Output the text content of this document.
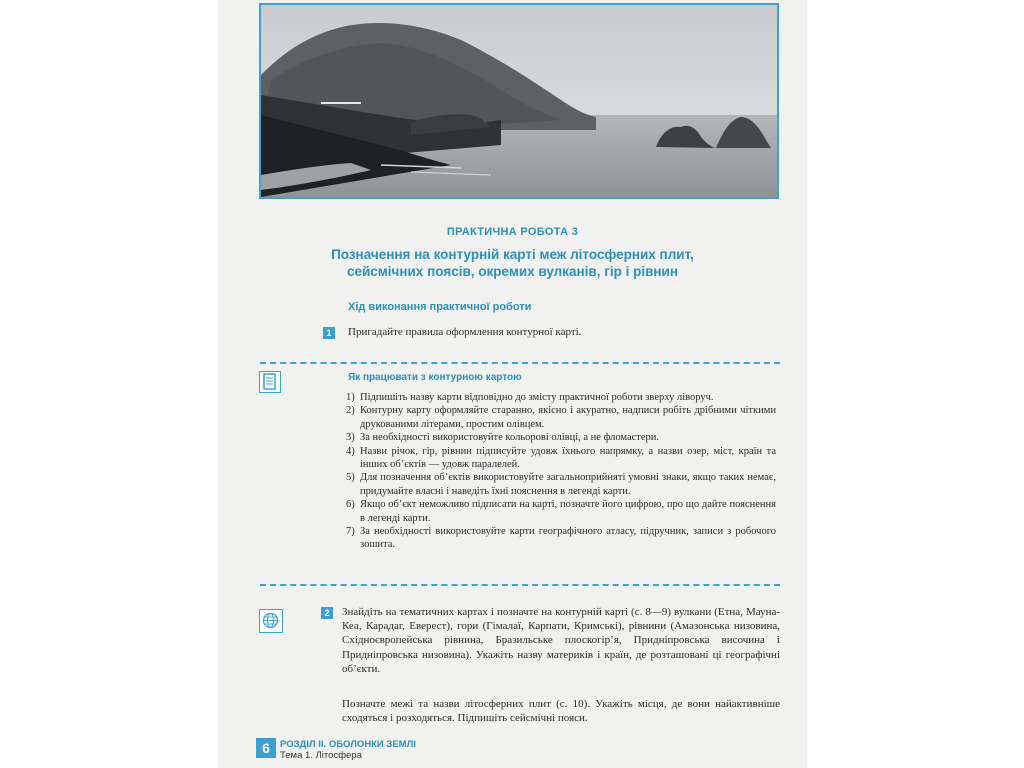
ПРАКТИЧНА РОБОТА 3
Позначення на контурній карті меж літосферних плит,
сейсмічних поясів, окремих вулканів, гір і рівнин
Хід виконання практичної роботи
1	Пригадайте правила оформлення контурної карті.
Як працювати з контурною картою
1) Підпишіть назву карти відповідно до змісту практичної роботи зверху ліворуч.
2) Контурну карту оформляйте старанно, якісно і акуратно, надписи робіть дрібними чіткими друкованими літерами, простим олівцем.
3) За необхідності використовуйте кольорові олівці, а не фломастери.
4) Назви річок, гір, рівнин підписуйте удовж їхнього напрямку, а назви озер, міст, країн та інших об’єктів — удовж паралелей.
5) Для позначення об’єктів використовуйте загальноприйняті умовні знаки, якщо таких немає, придумайте власні і наведіть їхні пояснення в легенді карти.
6) Якщо об’єкт неможливо підписати на карті, позначте його цифрою, про що дайте пояснення в легенді карти.
7) За необхідності використовуйте карти географічного атласу, підручник, записи з робочого зошита.
2	Знайдіть на тематичних картах і позначте на контурній карті (с. 8—9) вулкани (Етна, Мауна-Кеа, Карадаг, Еверест), гори (Гімалаї, Карпати, Кримські), рівнини (Амазонська низовина, Східноєвропейська рівнина, Бразильське плоскогір’я, Придніпровська височина і Придніпровська низовина). Укажіть назву материків і країн, де розташовані ці географічні об’єкти.
Позначте межі та назви літосферних плит (с. 10). Укажіть місця, де вони найактивніше сходяться і розходяться. Підпишіть сейсмічні пояси.
6	РОЗДІЛ ІІ. ОБОЛОНКИ ЗЕМЛІ
Тема 1. Літосфера
